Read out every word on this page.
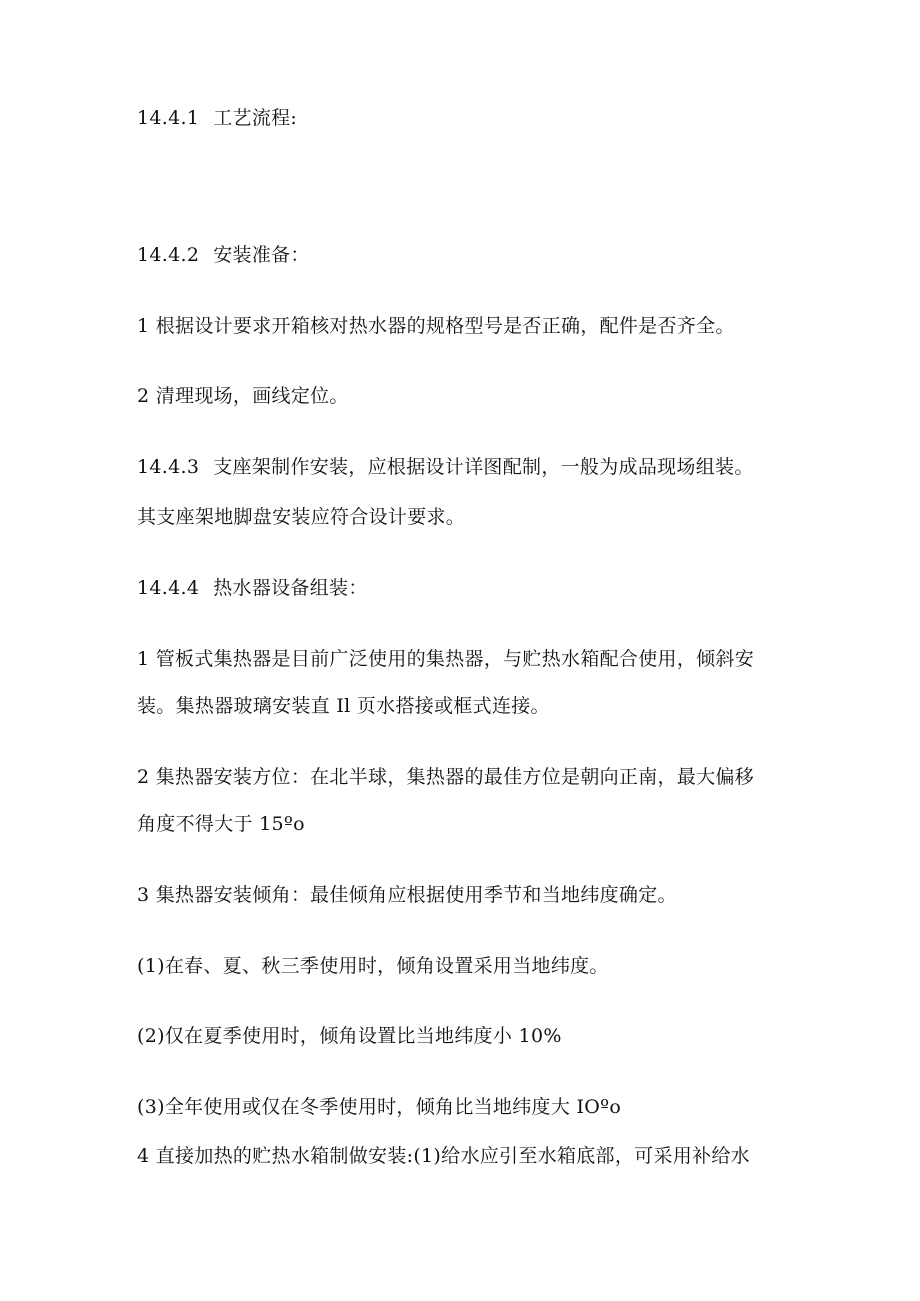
14.4.1 工艺流程:
14.4.2 安装准备：
1 根据设计要求开箱核对热水器的规格型号是否正确，配件是否齐全。
2 清理现场，画线定位。
14.4.3 支座架制作安装，应根据设计详图配制，一般为成品现场组装。
其支座架地脚盘安装应符合设计要求。
14.4.4 热水器设备组装：
1 管板式集热器是目前广泛使用的集热器，与贮热水箱配合使用，倾斜安
装。集热器玻璃安装直 Il 页水搭接或框式连接。
2 集热器安装方位：在北半球，集热器的最佳方位是朝向正南，最大偏移
角度不得大于 15ºo
3 集热器安装倾角：最佳倾角应根据使用季节和当地纬度确定。
(1)在春、夏、秋三季使用时，倾角设置采用当地纬度。
(2)仅在夏季使用时，倾角设置比当地纬度小 10%
(3)全年使用或仅在冬季使用时，倾角比当地纬度大 IOºo
4 直接加热的贮热水箱制做安装:(1)给水应引至水箱底部，可采用补给水
